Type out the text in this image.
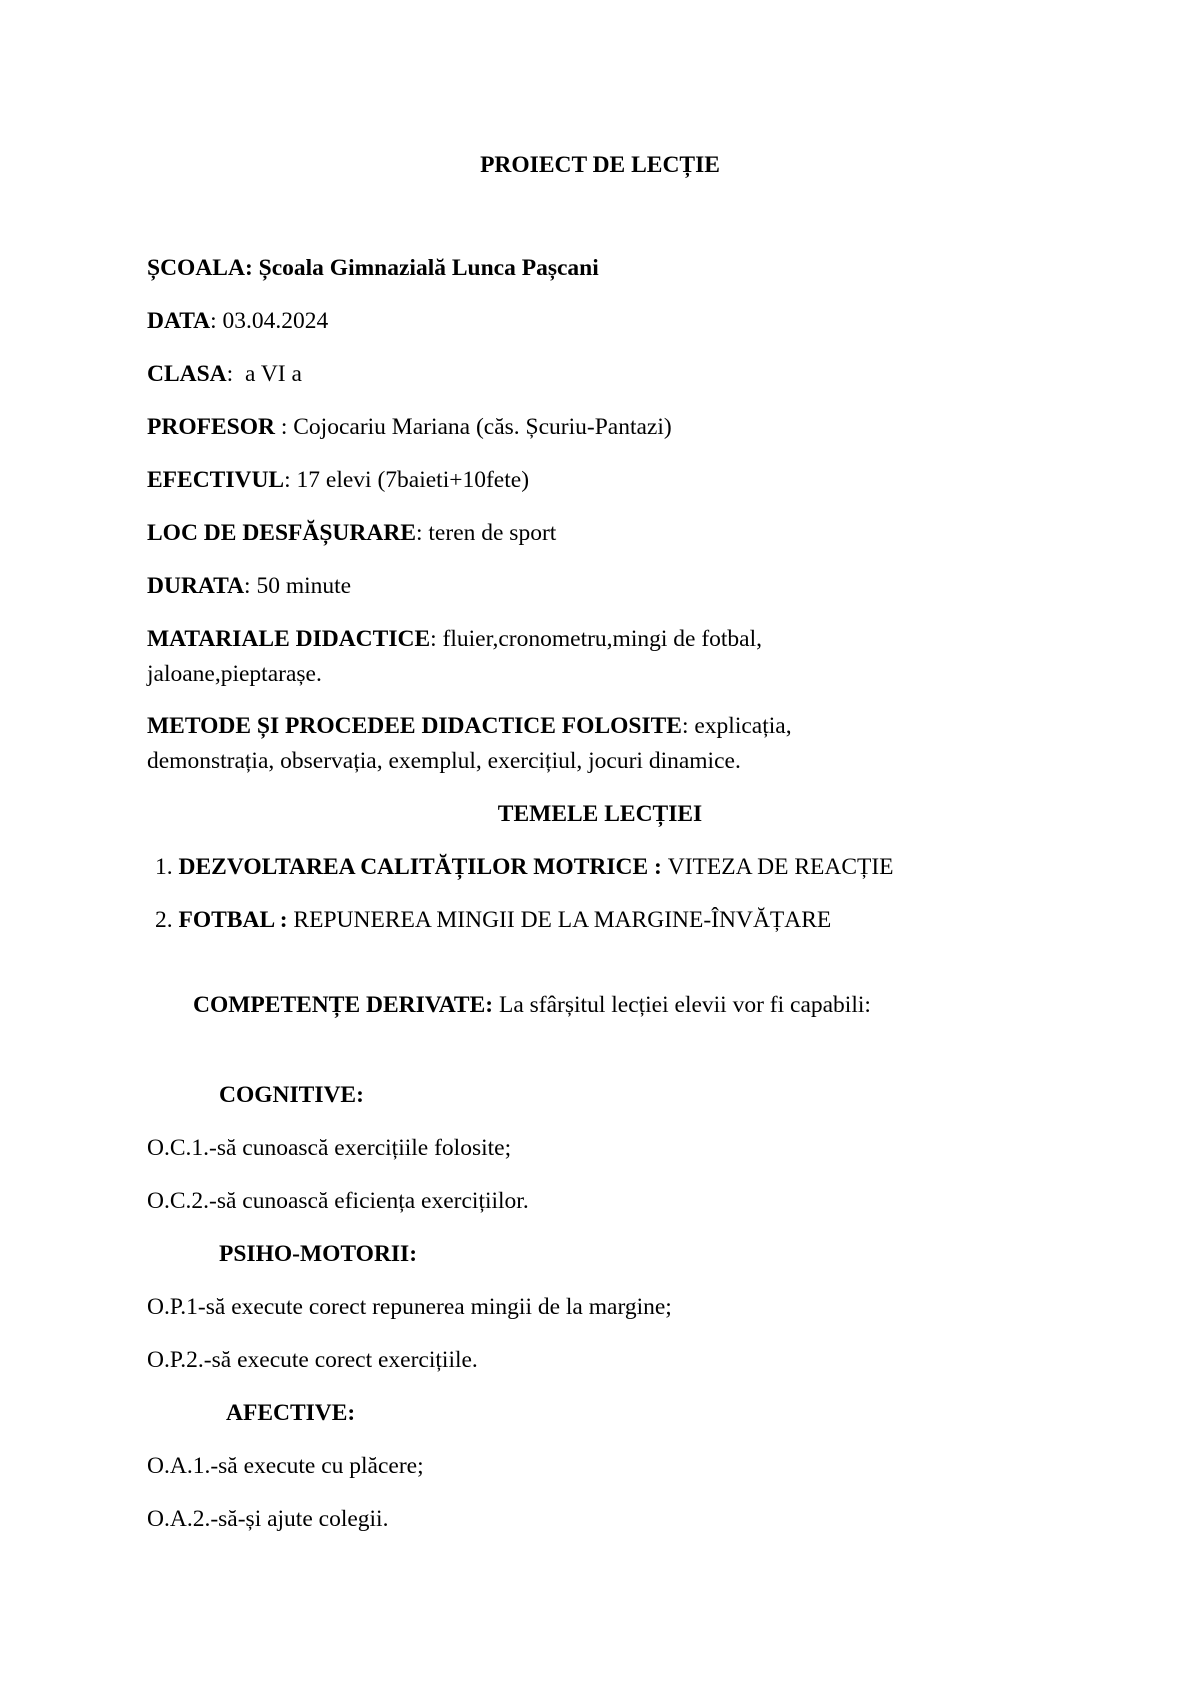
PROIECT DE LECȚIE
ȘCOALA: Școala Gimnazială Lunca Pașcani
DATA: 03.04.2024
CLASA:  a VI a
PROFESOR : Cojocariu Mariana (căs. Șcuriu-Pantazi)
EFECTIVUL: 17 elevi (7baieti+10fete)
LOC DE DESFĂȘURARE: teren de sport
DURATA: 50 minute
MATARIALE DIDACTICE: fluier,cronometru,mingi de fotbal,
jaloane,pieptarașe.
METODE ȘI PROCEDEE DIDACTICE FOLOSITE: explicația,
demonstrația, observația, exemplul, exercițiul, jocuri dinamice.
TEMELE LECȚIEI
1. DEZVOLTAREA CALITĂȚILOR MOTRICE : VITEZA DE REACȚIE
2. FOTBAL : REPUNEREA MINGII DE LA MARGINE-ÎNVĂȚARE
COMPETENȚE DERIVATE: La sfârșitul lecției elevii vor fi capabili:
COGNITIVE:
O.C.1.-să cunoască exercițiile folosite;
O.C.2.-să cunoască eficiența exercițiilor.
PSIHO-MOTORII:
O.P.1-să execute corect repunerea mingii de la margine;
O.P.2.-să execute corect exercițiile.
AFECTIVE:
O.A.1.-să execute cu plăcere;
O.A.2.-să-și ajute colegii.
